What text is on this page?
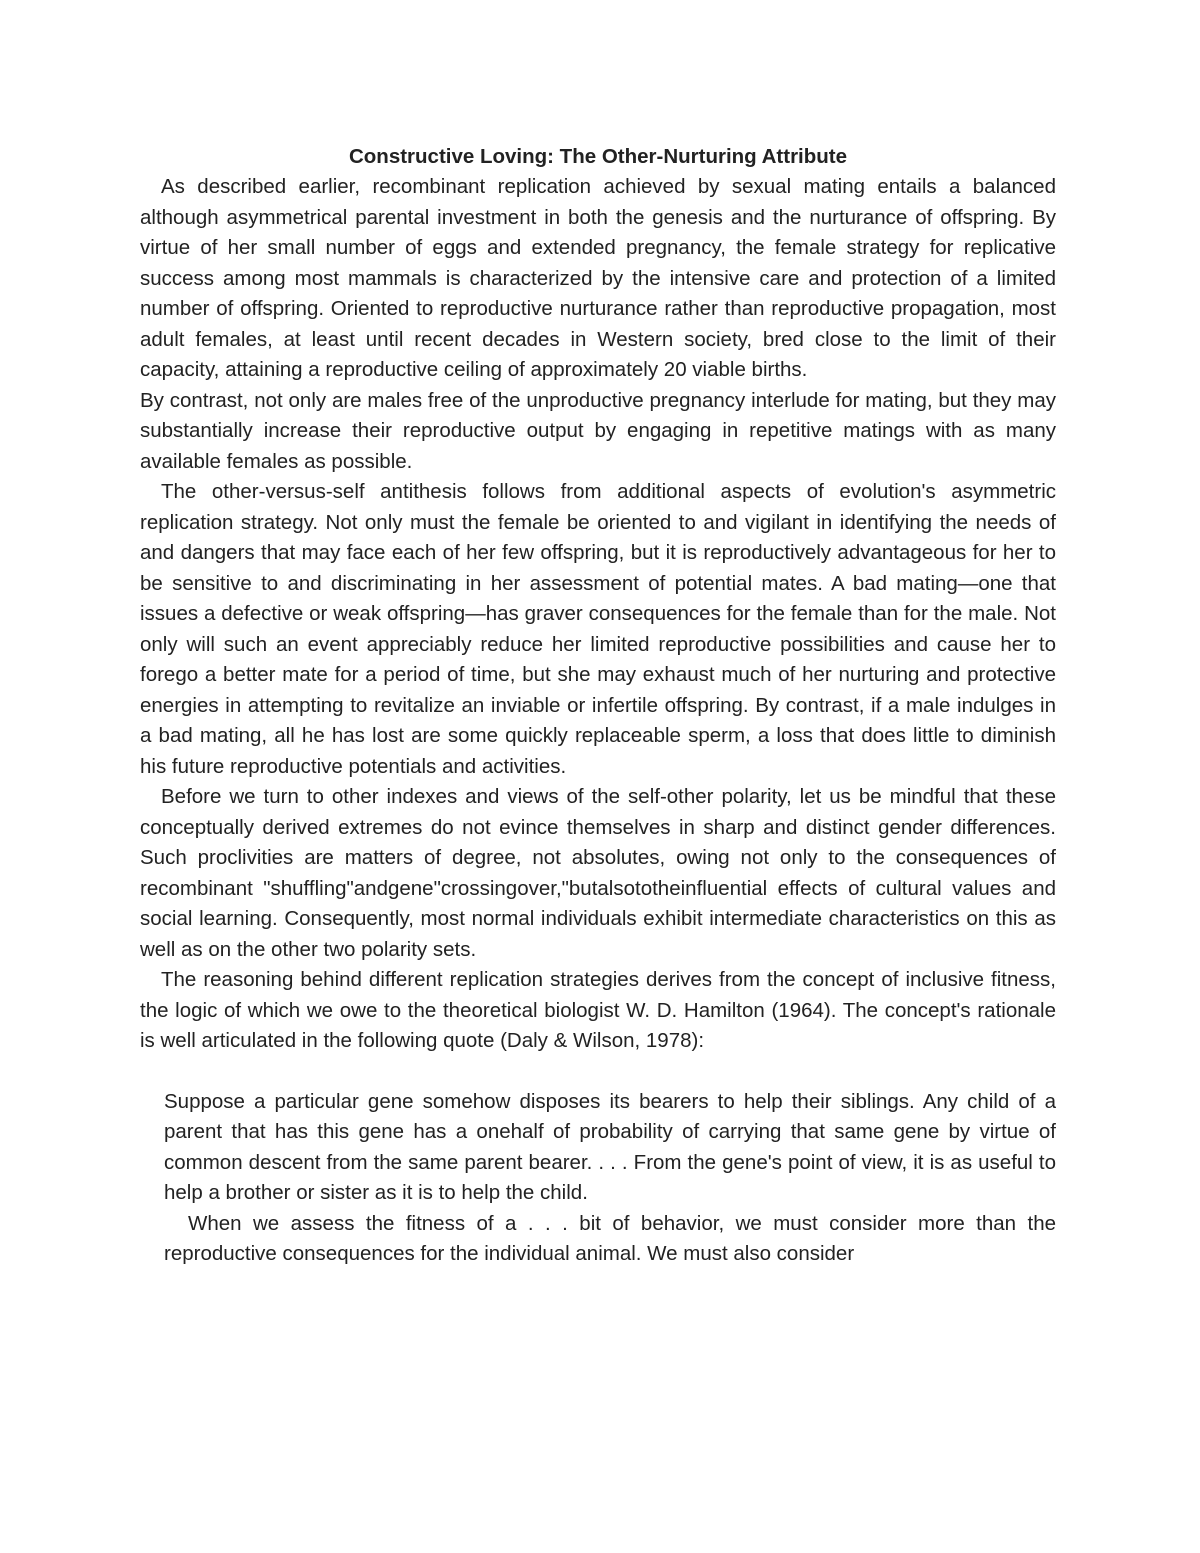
Constructive Loving: The Other-Nurturing Attribute

As described earlier, recombinant replication achieved by sexual mating entails a balanced although asymmetrical parental investment in both the genesis and the nurturance of offspring. By virtue of her small number of eggs and extended pregnancy, the female strategy for replicative success among most mammals is characterized by the intensive care and protection of a limited number of offspring. Oriented to reproductive nurturance rather than reproductive propagation, most adult females, at least until recent decades in Western society, bred close to the limit of their capacity, attaining a reproductive ceiling of approximately 20 viable births.

By contrast, not only are males free of the unproductive pregnancy interlude for mating, but they may substantially increase their reproductive output by engaging in repetitive matings with as many available females as possible.

The other-versus-self antithesis follows from additional aspects of evolution's asymmetric replication strategy. Not only must the female be oriented to and vigilant in identifying the needs of and dangers that may face each of her few offspring, but it is reproductively advantageous for her to be sensitive to and discriminating in her assessment of potential mates. A bad mating—one that issues a defective or weak offspring—has graver consequences for the female than for the male. Not only will such an event appreciably reduce her limited reproductive possibilities and cause her to forego a better mate for a period of time, but she may exhaust much of her nurturing and protective energies in attempting to revitalize an inviable or infertile offspring. By contrast, if a male indulges in a bad mating, all he has lost are some quickly replaceable sperm, a loss that does little to diminish his future reproductive potentials and activities.

Before we turn to other indexes and views of the self-other polarity, let us be mindful that these conceptually derived extremes do not evince themselves in sharp and distinct gender differences. Such proclivities are matters of degree, not absolutes, owing not only to the consequences of recombinant "shuffling"andgene"crossingover,"butalsototheinfluential effects of cultural values and social learning. Consequently, most normal individuals exhibit intermediate characteristics on this as well as on the other two polarity sets.

The reasoning behind different replication strategies derives from the concept of inclusive fitness, the logic of which we owe to the theoretical biologist W. D. Hamilton (1964). The concept's rationale is well articulated in the following quote (Daly & Wilson, 1978):

Suppose a particular gene somehow disposes its bearers to help their siblings. Any child of a parent that has this gene has a onehalf of probability of carrying that same gene by virtue of common descent from the same parent bearer. . . . From the gene's point of view, it is as useful to help a brother or sister as it is to help the child.

When we assess the fitness of a . . . bit of behavior, we must consider more than the reproductive consequences for the individual animal. We must also consider
